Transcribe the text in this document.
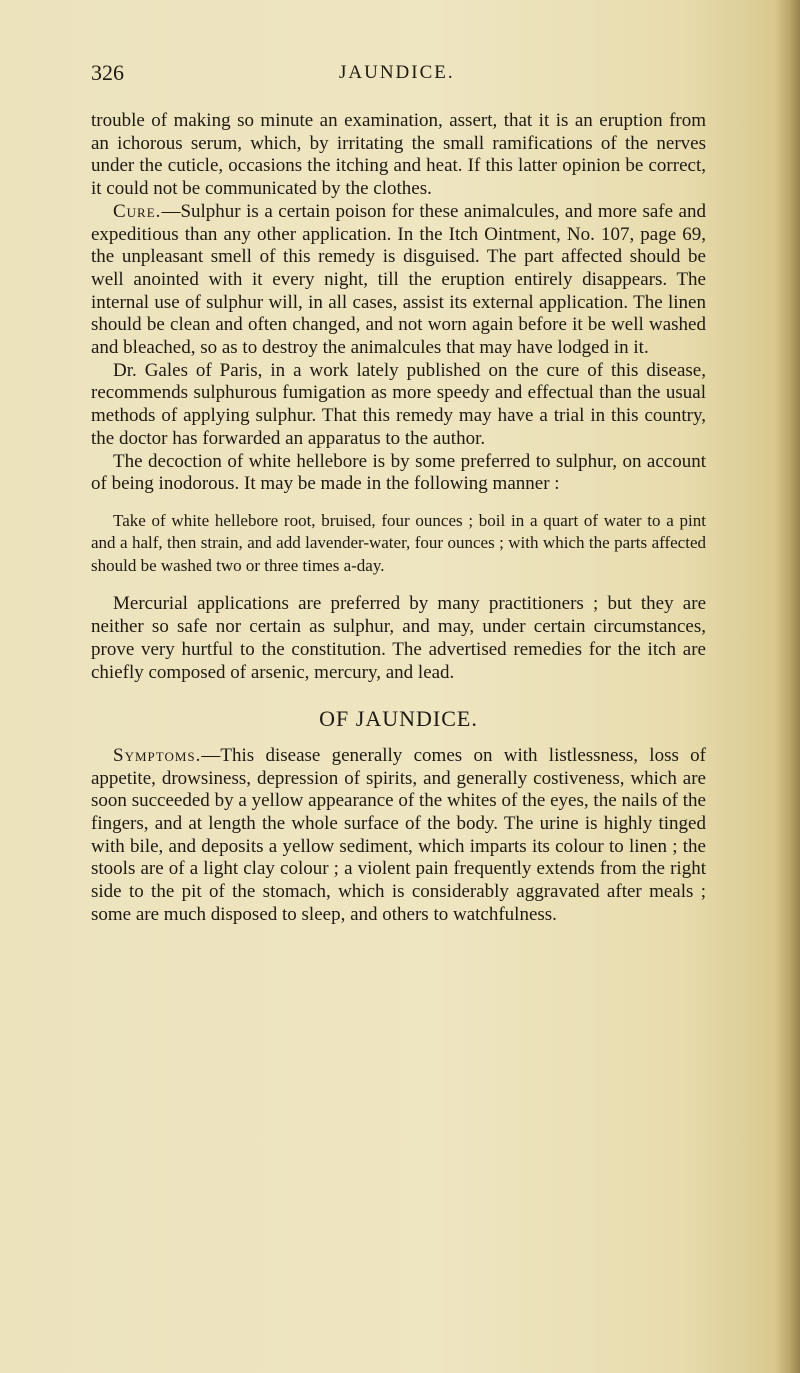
326	JAUNDICE.

trouble of making so minute an examination, assert, that it is an eruption from an ichorous serum, which, by irritating the small ramifications of the nerves under the cuticle, occasions the itching and heat. If this latter opinion be correct, it could not be communicated by the clothes.

Cure.—Sulphur is a certain poison for these animalcules, and more safe and expeditious than any other application. In the Itch Ointment, No. 107, page 69, the unpleasant smell of this remedy is disguised. The part affected should be well anointed with it every night, till the eruption entirely disappears. The internal use of sulphur will, in all cases, assist its external application. The linen should be clean and often changed, and not worn again before it be well washed and bleached, so as to destroy the animalcules that may have lodged in it.

Dr. Gales of Paris, in a work lately published on the cure of this disease, recommends sulphurous fumigation as more speedy and effectual than the usual methods of applying sulphur. That this remedy may have a trial in this country, the doctor has forwarded an apparatus to the author.

The decoction of white hellebore is by some preferred to sulphur, on account of being inodorous. It may be made in the following manner :

Take of white hellebore root, bruised, four ounces ; boil in a quart of water to a pint and a half, then strain, and add lavender-water, four ounces ; with which the parts affected should be washed two or three times a-day.

Mercurial applications are preferred by many practitioners ; but they are neither so safe nor certain as sulphur, and may, under certain circumstances, prove very hurtful to the constitution. The advertised remedies for the itch are chiefly composed of arsenic, mercury, and lead.

OF JAUNDICE.

Symptoms.—This disease generally comes on with listlessness, loss of appetite, drowsiness, depression of spirits, and generally costiveness, which are soon succeeded by a yellow appearance of the whites of the eyes, the nails of the fingers, and at length the whole surface of the body. The urine is highly tinged with bile, and deposits a yellow sediment, which imparts its colour to linen ; the stools are of a light clay colour ; a violent pain frequently extends from the right side to the pit of the stomach, which is considerably aggravated after meals ; some are much disposed to sleep, and others to watchfulness.
